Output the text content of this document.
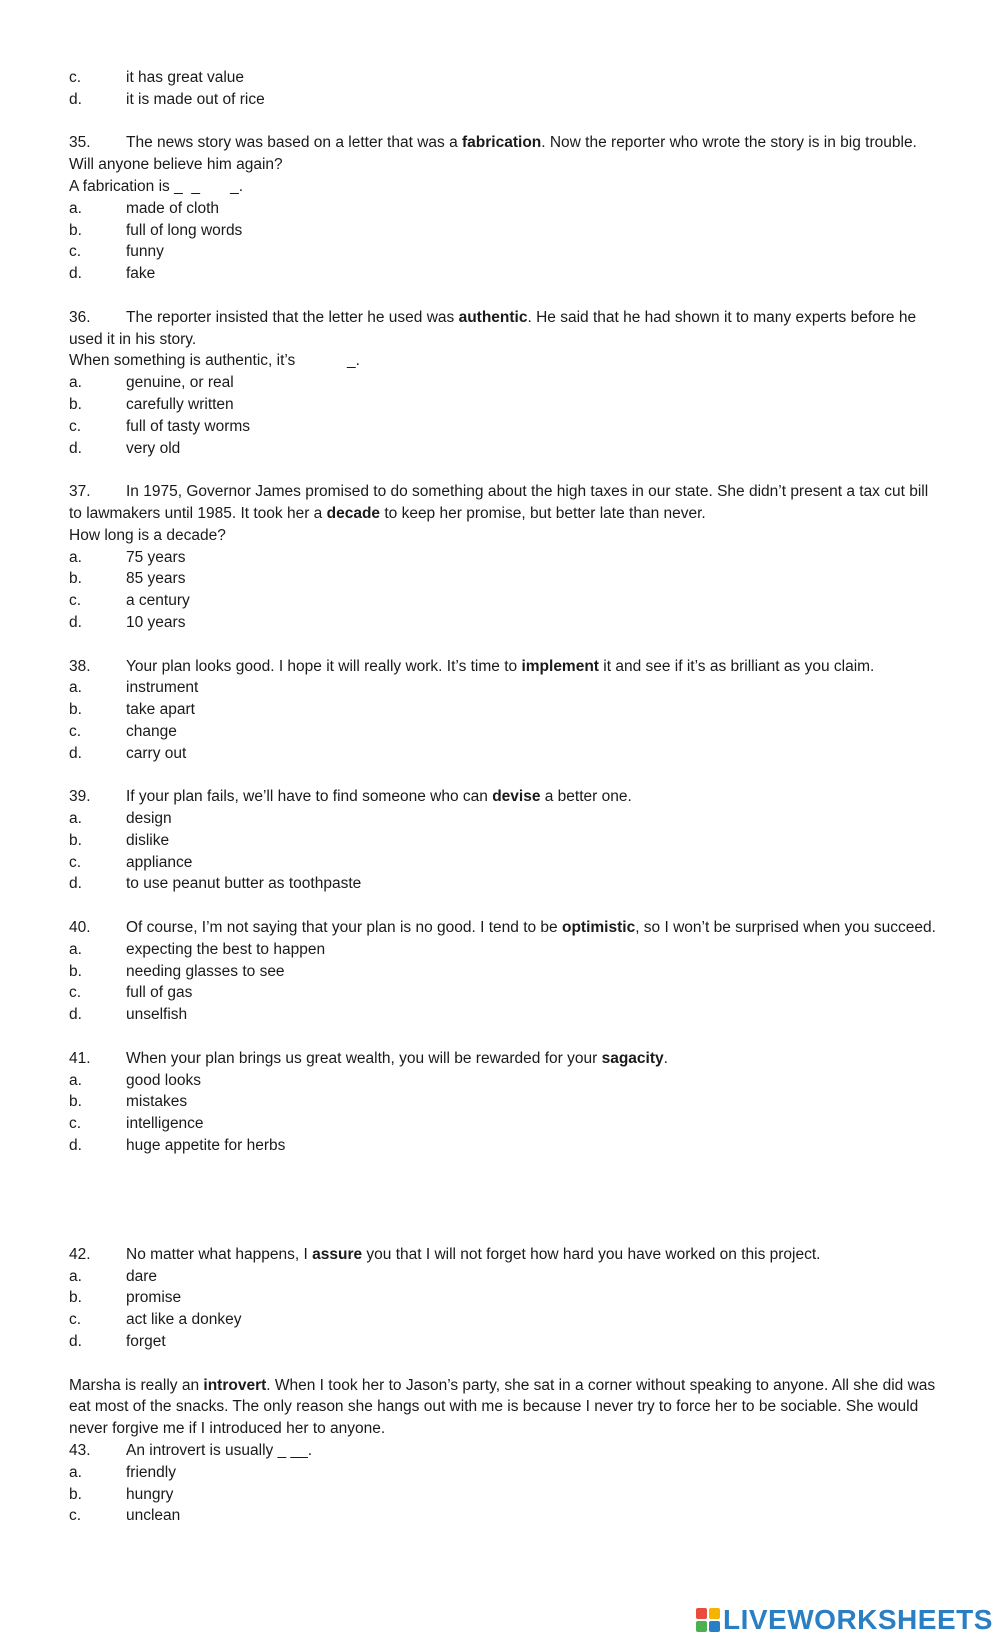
c.	it has great value
d.	it is made out of rice
35. The news story was based on a letter that was a fabrication. Now the reporter who wrote the story is in big trouble. Will anyone believe him again?
A fabrication is _  _       _.
a.	made of cloth
b.	full of long words
c.	funny
d.	fake
36. The reporter insisted that the letter he used was authentic. He said that he had shown it to many experts before he used it in his story.
When something is authentic, it’s            _.
a.	genuine, or real
b.	carefully written
c.	full of tasty worms
d.	very old
37. In 1975, Governor James promised to do something about the high taxes in our state. She didn’t present a tax cut bill to lawmakers until 1985. It took her a decade to keep her promise, but better late than never.
How long is a decade?
a.	75 years
b.	85 years
c.	a century
d.	10 years
38. Your plan looks good. I hope it will really work. It’s time to implement it and see if it’s as brilliant as you claim.
a.	instrument
b.	take apart
c.	change
d.	carry out
39. If your plan fails, we’ll have to find someone who can devise a better one.
a.	design
b.	dislike
c.	appliance
d.	to use peanut butter as toothpaste
40. Of course, I’m not saying that your plan is no good. I tend to be optimistic, so I won’t be surprised when you succeed.
a.	expecting the best to happen
b.	needing glasses to see
c.	full of gas
d.	unselfish
41. When your plan brings us great wealth, you will be rewarded for your sagacity.
a.	good looks
b.	mistakes
c.	intelligence
d.	huge appetite for herbs
42. No matter what happens, I assure you that I will not forget how hard you have worked on this project.
a.	dare
b.	promise
c.	act like a donkey
d.	forget
Marsha is really an introvert. When I took her to Jason’s party, she sat in a corner without speaking to anyone. All she did was eat most of the snacks. The only reason she hangs out with me is because I never try to force her to be sociable. She would never forgive me if I introduced her to anyone.
43. An introvert is usually _ __.
a.	friendly
b.	hungry
c.	unclean
LIVEWORKSHEETS
